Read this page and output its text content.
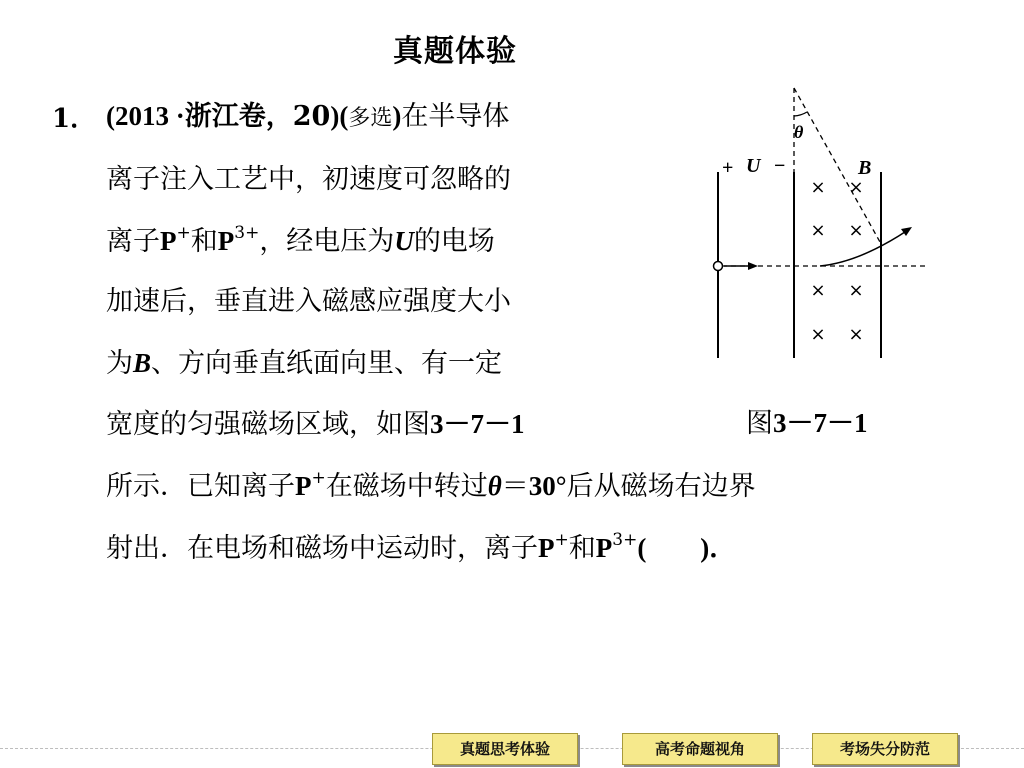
真题体验
1． (2013 ·浙江卷，20)(多选)在半导体
离子注入工艺中，初速度可忽略的
离子P+和$P^{3+}$，经电压为U的电场
加速后，垂直进入磁感应强度大小
为B、方向垂直纸面向里、有一定
宽度的匀强磁场区域，如图3－7－1
所示．已知离子P+在磁场中转过θ＝30°后从磁场右边界
射出．在电场和磁场中运动时，离子P+和$P^{3+}$(　　)．
图3－7－1
+ U −	B
θ
× ×
× ×
× ×
× ×
真题思考体验	高考命题视角	考场失分防范
